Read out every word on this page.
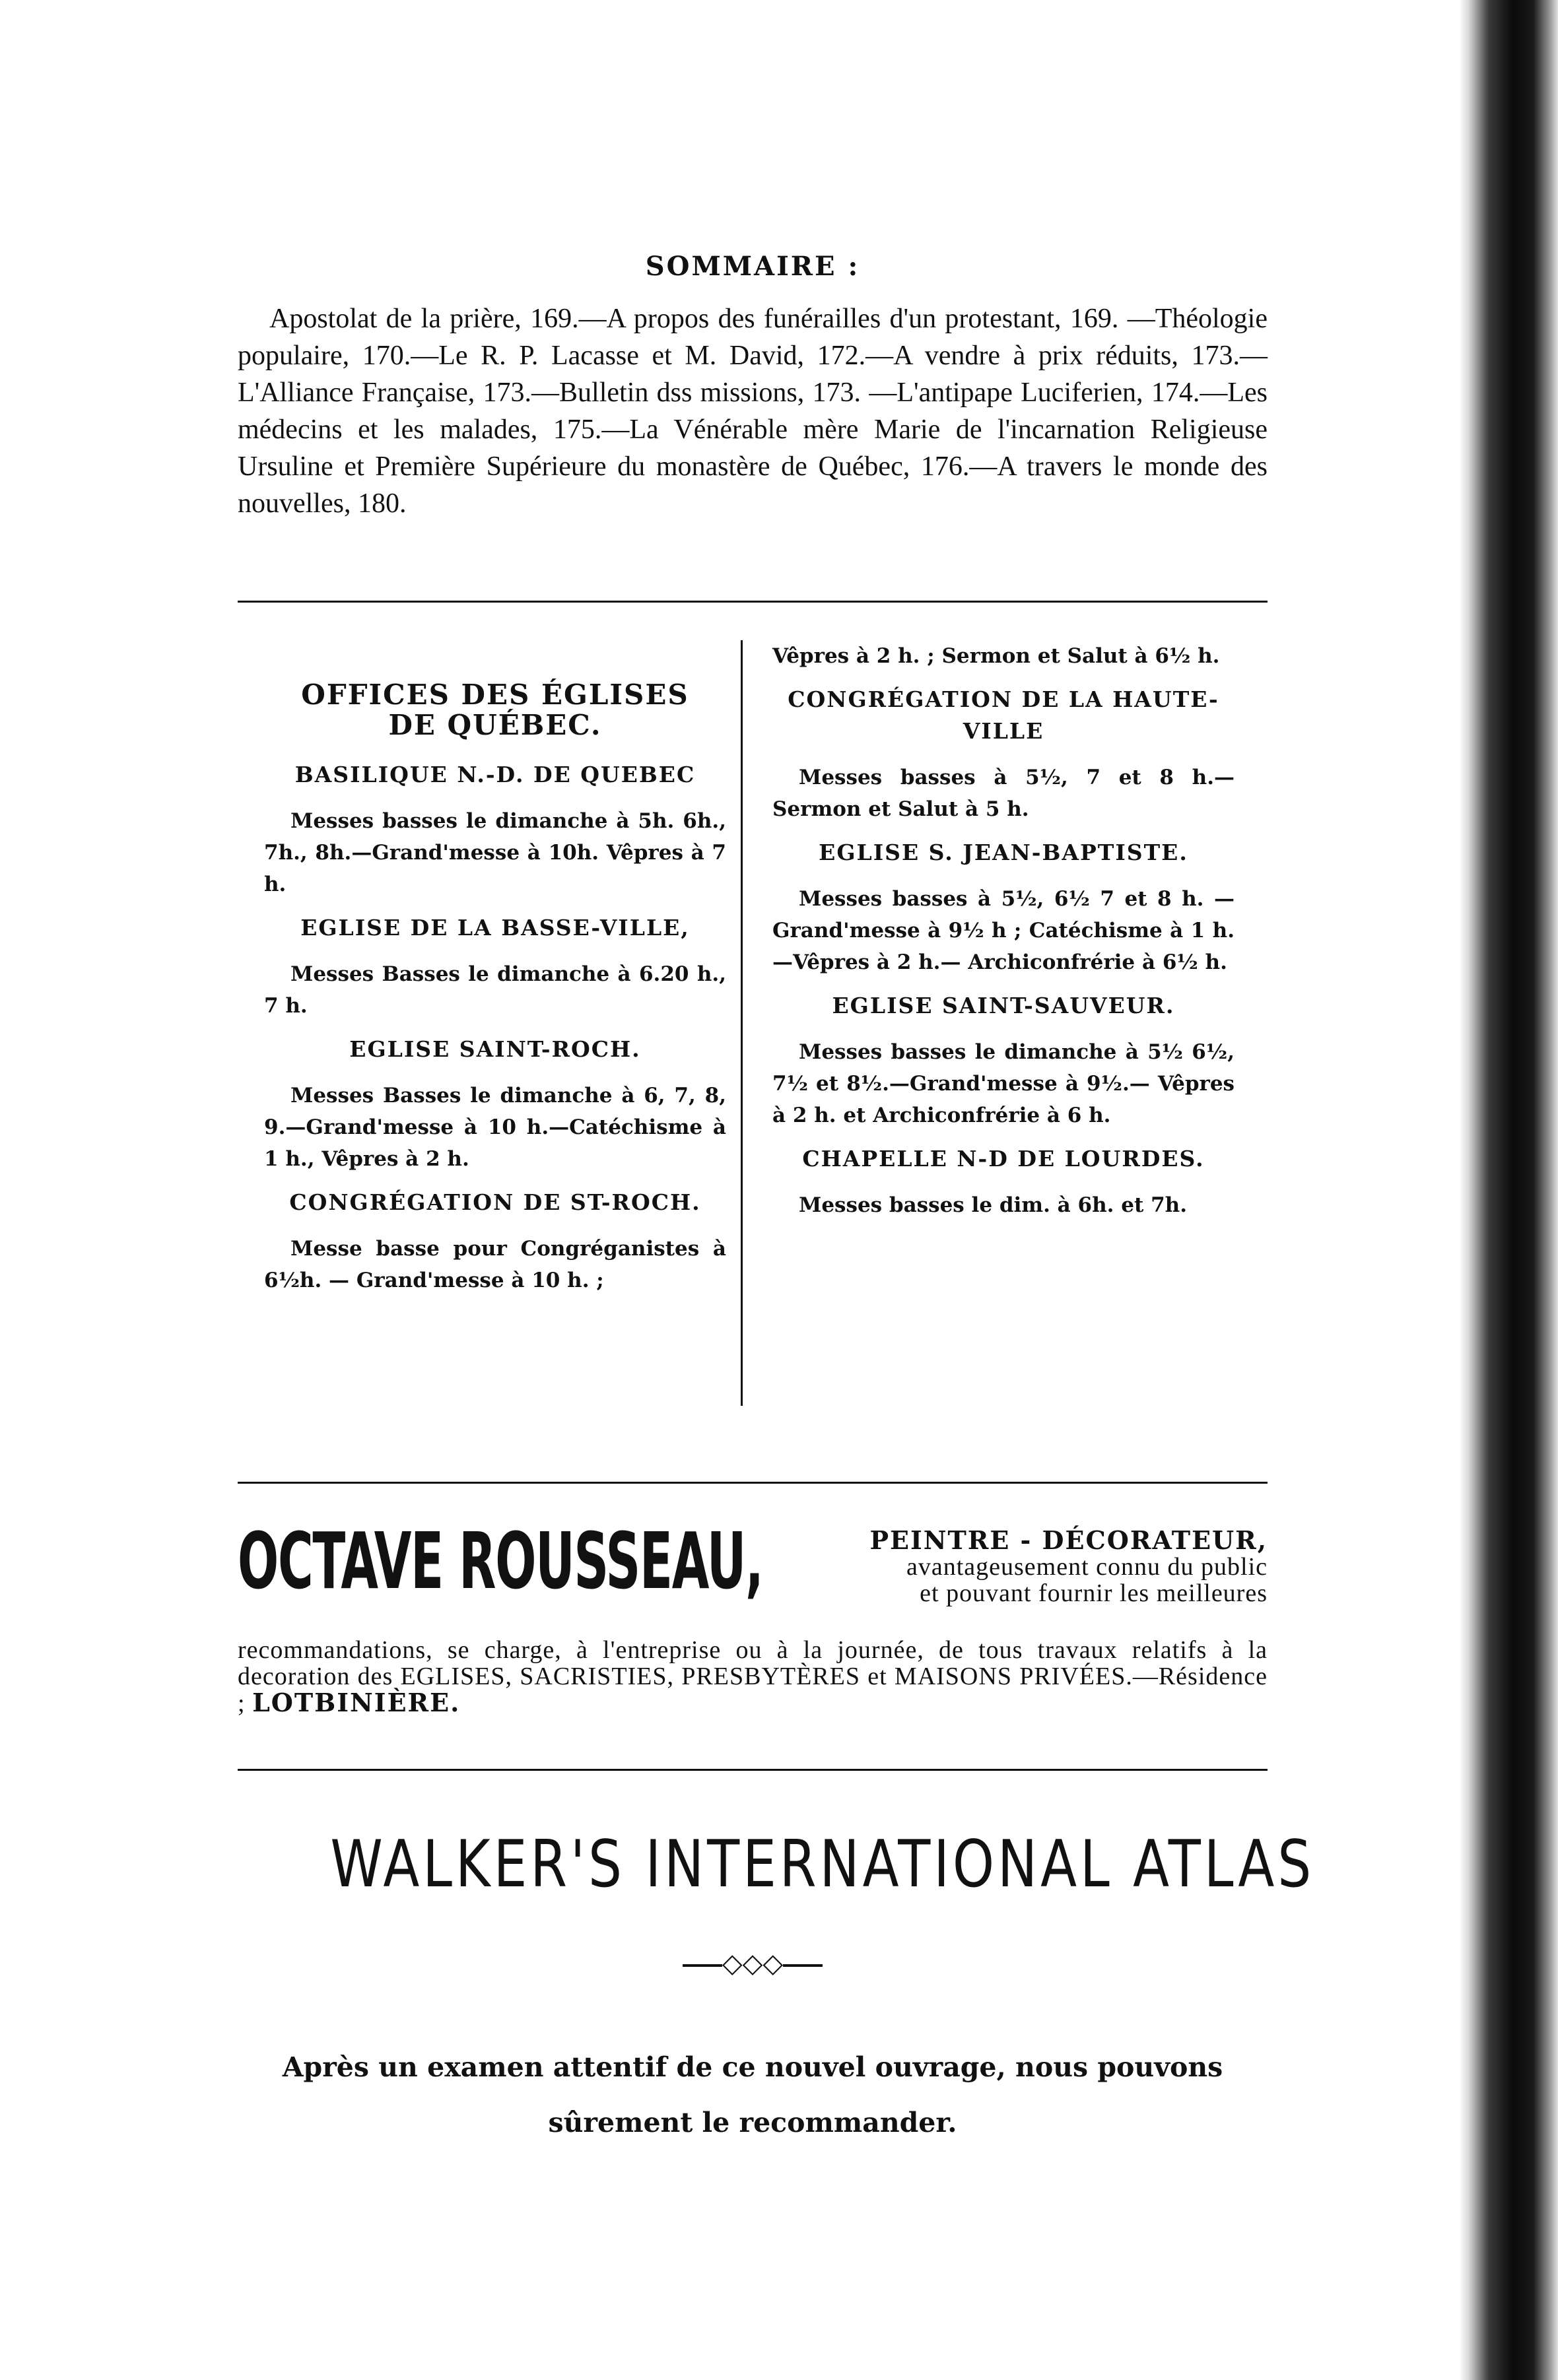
SOMMAIRE :

Apostolat de la prière, 169.—A propos des funérailles d'un protestant, 169. —Théologie populaire, 170.—Le R. P. Lacasse et M. David, 172.—A vendre à prix réduits, 173.—L'Alliance Française, 173.—Bulletin dss missions, 173. —L'antipape Luciferien, 174.—Les médecins et les malades, 175.—La Vénérable mère Marie de l'incarnation Religieuse Ursuline et Première Supérieure du monastère de Québec, 176.—A travers le monde des nouvelles, 180.

OFFICES DES ÉGLISES
DE QUÉBEC.
BASILIQUE N.-D. DE QUEBEC

Messes basses le dimanche à 5h. 6h., 7h., 8h.—Grand'messe à 10h. Vêpres à 7 h.

EGLISE DE LA BASSE-VILLE,

Messes Basses le dimanche à 6.20 h., 7 h.

EGLISE SAINT-ROCH.

Messes Basses le dimanche à 6, 7, 8, 9.—Grand'messe à 10 h.—Catéchisme à 1 h., Vêpres à 2 h.

CONGRÉGATION DE ST-ROCH.

Messe basse pour Congréganistes à 6½h. — Grand'messe à 10 h. ;

Vêpres à 2 h. ; Sermon et Salut à 6½ h.

CONGRÉGATION DE LA HAUTE-VILLE

Messes basses à 5½, 7 et 8 h.— Sermon et Salut à 5 h.

EGLISE S. JEAN-BAPTISTE.

Messes basses à 5½, 6½ 7 et 8 h. —Grand'messe à 9½ h ; Catéchisme à 1 h.—Vêpres à 2 h.— Archiconfrérie à 6½ h.

EGLISE SAINT-SAUVEUR.

Messes basses le dimanche à 5½ 6½, 7½ et 8½.—Grand'messe à 9½.— Vêpres à 2 h. et Archiconfrérie à 6 h.

CHAPELLE N-D DE LOURDES.

Messes basses le dim. à 6h. et 7h.

OCTAVE ROUSSEAU,	PEINTRE - DÉCORATEUR,
avantageusement connu du public
et pouvant fournir les meilleures
recommandations, se charge, à l'entreprise ou à la journée, de tous travaux relatifs à la decoration des EGLISES, SACRISTIES, PRESBYTÈRES et MAISONS PRIVÉES.—Résidence ; LOTBINIÈRE.
WALKER'S INTERNATIONAL ATLAS
◇◇◇
Après un examen attentif de ce nouvel ouvrage, nous pouvons
sûrement le recommander.
